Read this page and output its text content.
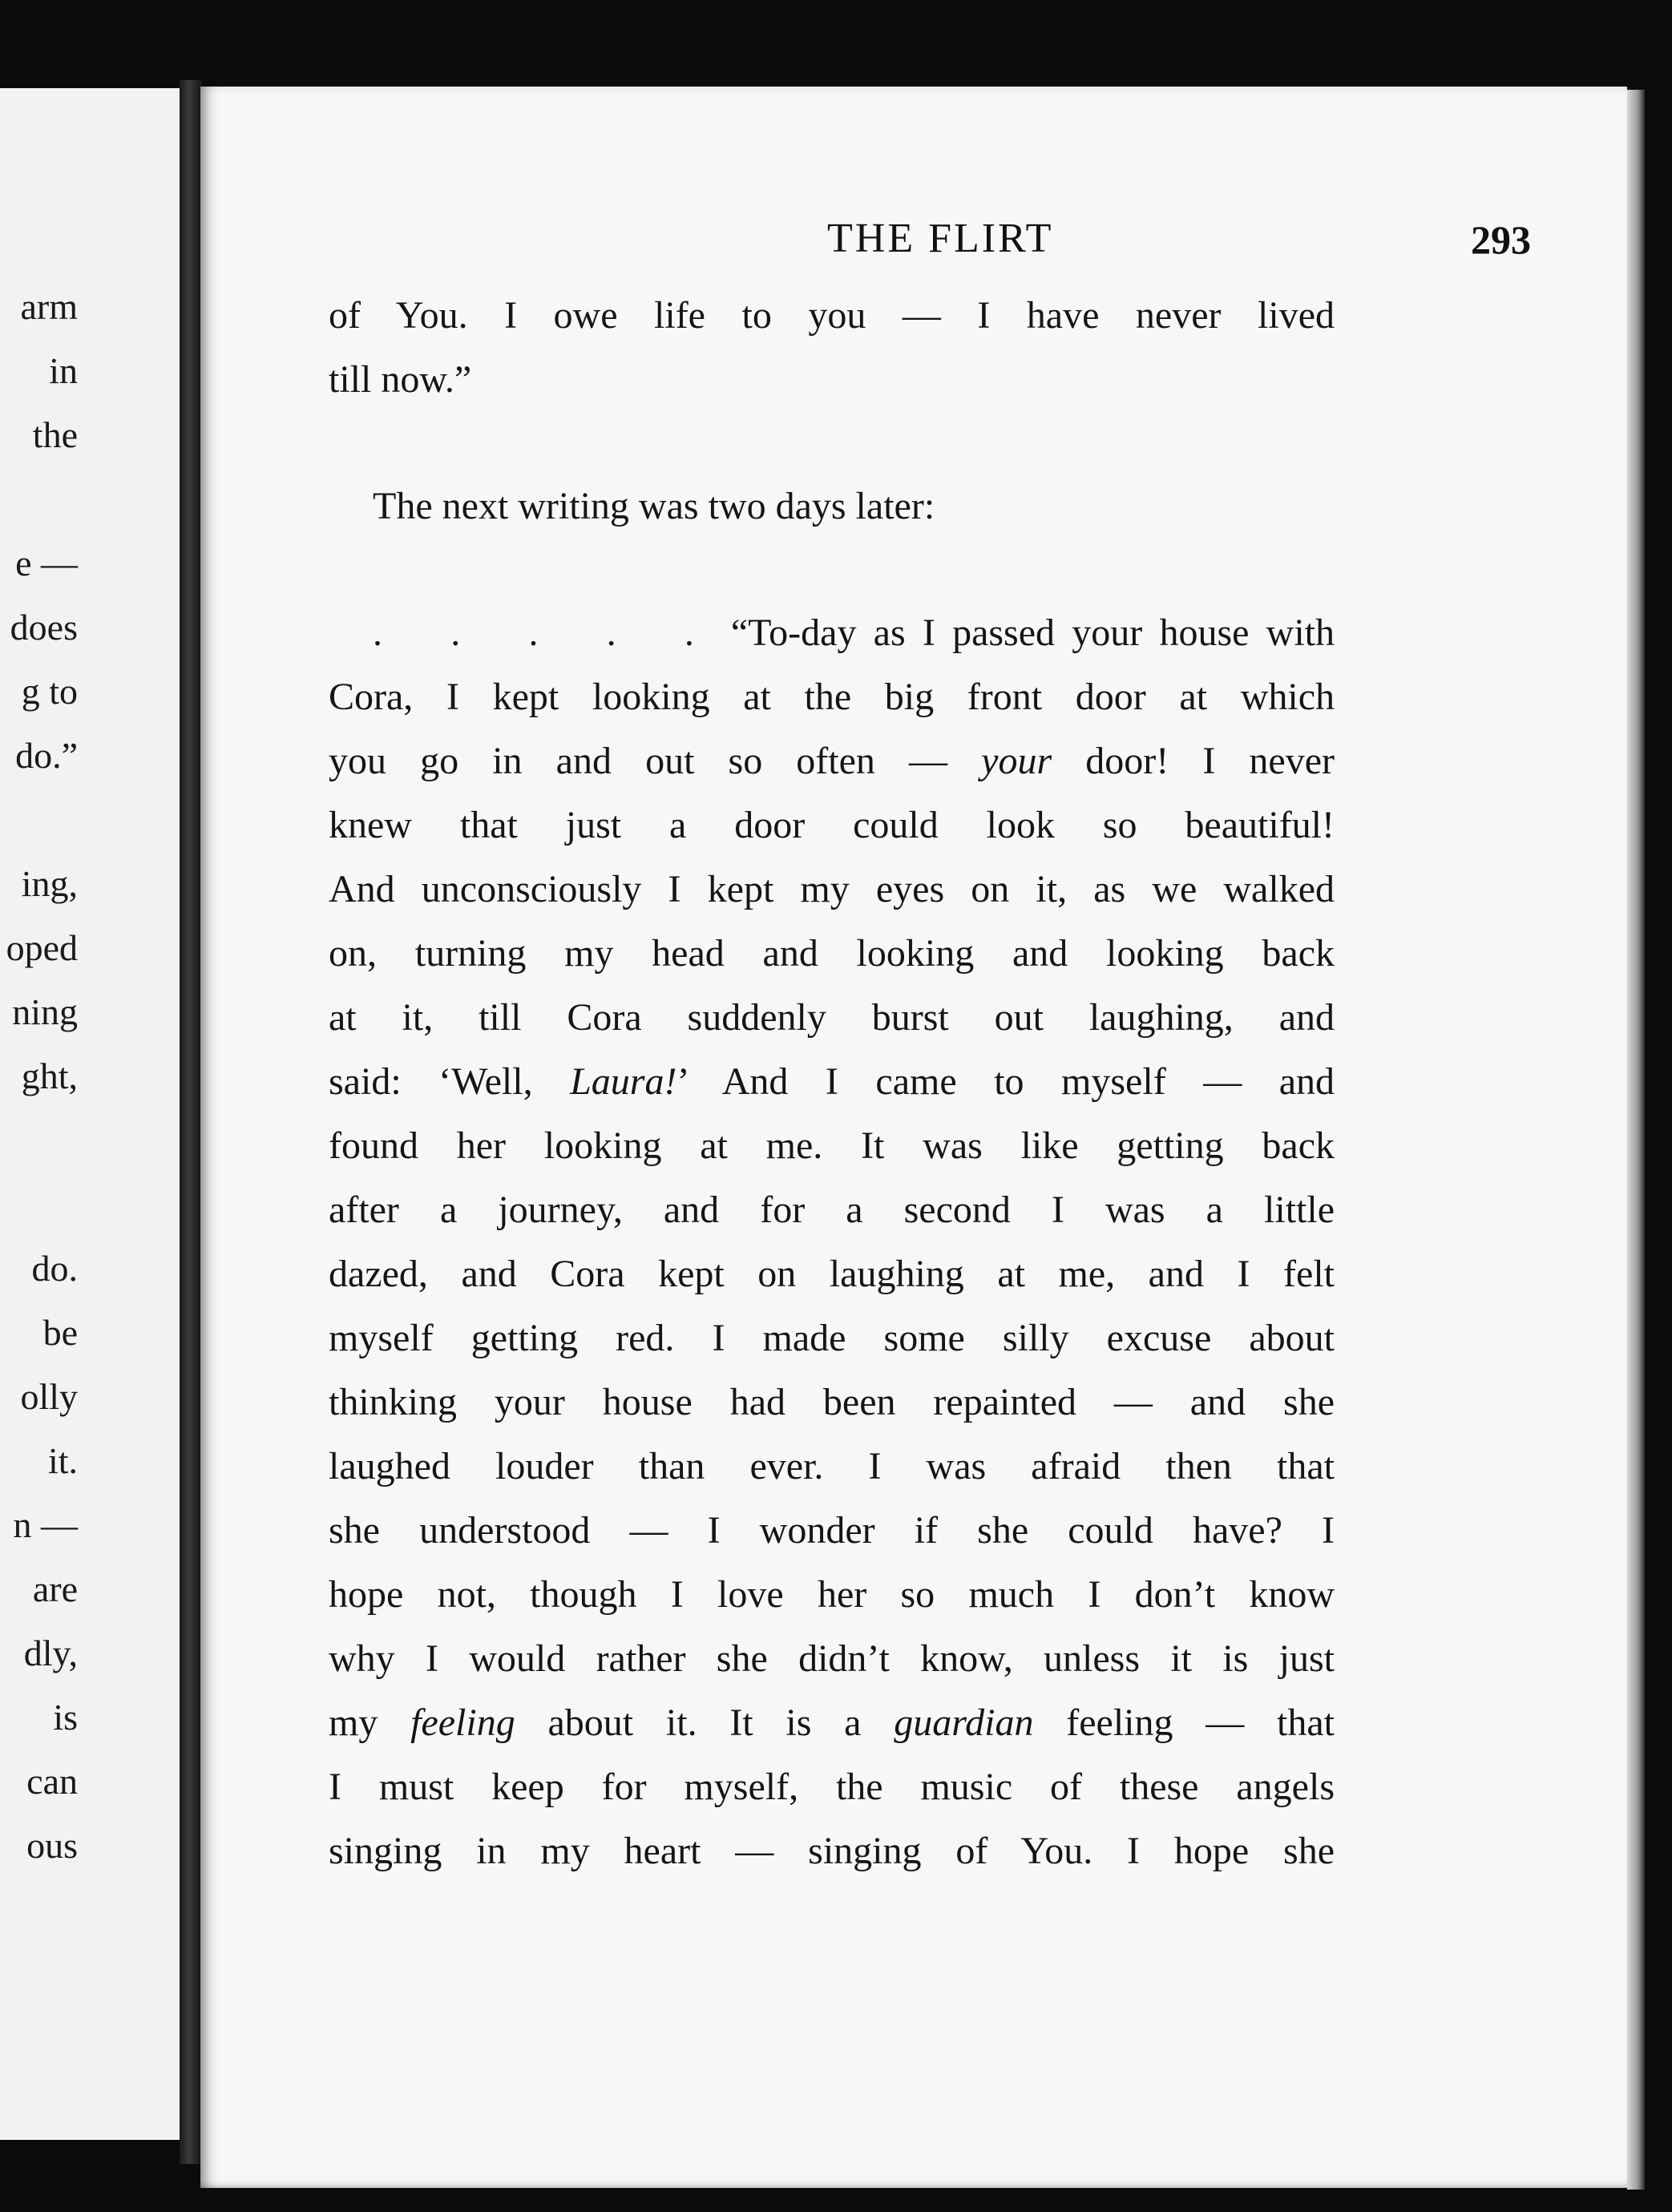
arm
in
the
e —
does
g to
do.”
ing,
oped
ning
ght,
do.
be
olly
it.
n —
are
dly,
is
can
ous
THE FLIRT	293
of You. I owe life to you — I have never lived
till now.”
The next writing was two days later:
. . . . . “To-day as I passed your house with
Cora, I kept looking at the big front door at which
you go in and out so often — your door! I never
knew that just a door could look so beautiful!
And unconsciously I kept my eyes on it, as we walked
on, turning my head and looking and looking back
at it, till Cora suddenly burst out laughing, and
said: ‘Well, Laura!’ And I came to myself — and
found her looking at me. It was like getting back
after a journey, and for a second I was a little
dazed, and Cora kept on laughing at me, and I felt
myself getting red. I made some silly excuse about
thinking your house had been repainted — and she
laughed louder than ever. I was afraid then that
she understood — I wonder if she could have? I
hope not, though I love her so much I don’t know
why I would rather she didn’t know, unless it is just
my feeling about it. It is a guardian feeling — that
I must keep for myself, the music of these angels
singing in my heart — singing of You. I hope she
